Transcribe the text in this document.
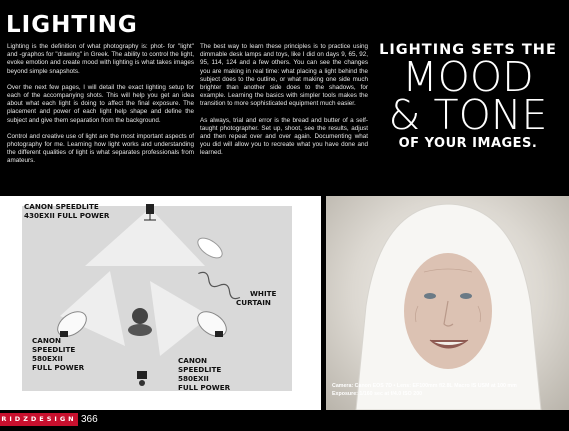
LIGHTING

Lighting is the definition of what photography is: phot- for "light" and -graphos for "drawing" in Greek. The ability to control the light, evoke emotion and create mood with lighting is what takes images beyond simple snapshots.

Over the next few pages, I will detail the exact lighting setup for each of the accompanying shots. This will help you get an idea about what each light is doing to affect the final exposure. The placement and power of each light help shape and define the subject and give them separation from the background.

Control and creative use of light are the most important aspects of photography for me. Learning how light works and understanding the different qualities of light is what separates professionals from amateurs.

The best way to learn these principles is to practice using dimmable desk lamps and toys, like I did on days 9, 65, 92, 95, 114, 124 and a few others. You can see the changes you are making in real time: what placing a light behind the subject does to the outline, or what making one side much brighter than another side does to the shadows, for example. Learning the basics with simpler tools makes the transition to more sophisticated equipment much easier.

As always, trial and error is the bread and butter of a self-taught photographer. Set up, shoot, see the results, adjust and then repeat over and over again. Documenting what you did will allow you to recreate what you have done and learned.

LIGHTING SETS THE
MOOD
& TONE
OF YOUR IMAGES.
CANON SPEEDLITE
430EXII FULL POWER
WHITE
CURTAIN
CANON
SPEEDLITE
580EXII
FULL POWER
CANON
SPEEDLITE
580EXII
FULL POWER	Camera: Canon EOS 7D • Lens: EF100mm f/2.8L Macro IS USM at 100 mm
Exposure: 1/160 sec at f/4.0 ISO 200
RIDZDESIGN 366
